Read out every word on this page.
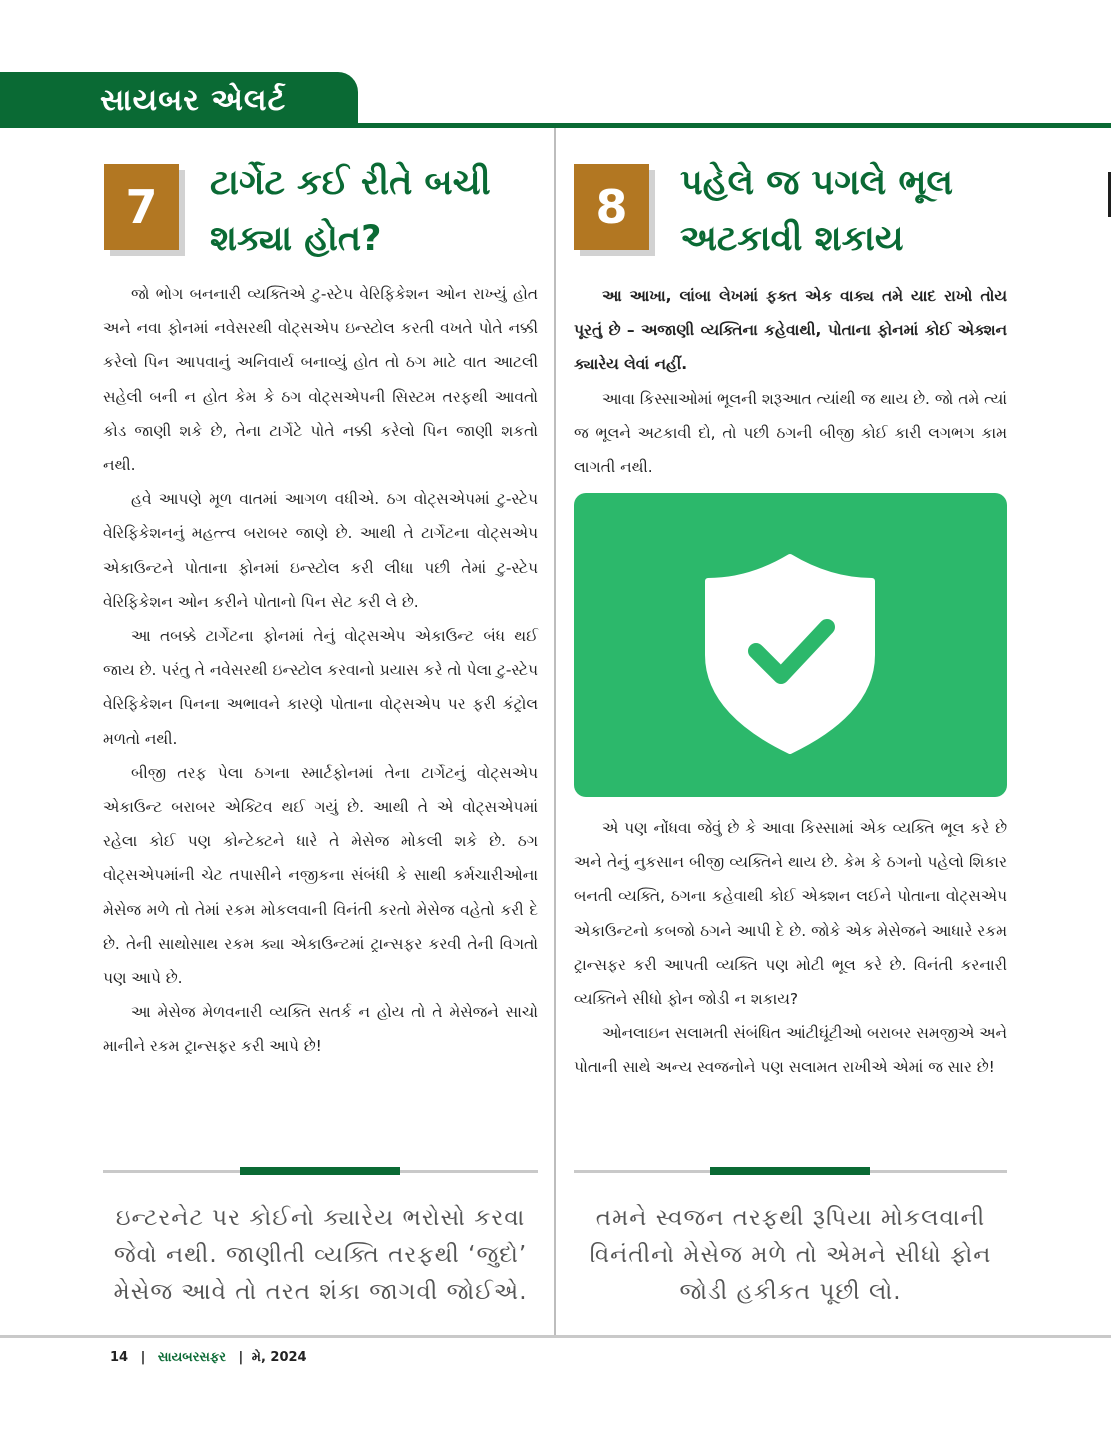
સાયબર એલર્ટ
7	ટાર્ગેટ કઈ રીતે બચી
શક્યા હોત?

જો ભોગ બનનારી વ્યક્તિએ ટુ-સ્ટેપ વેરિફિકેશન ઓન રાખ્યું હોત અને નવા ફોનમાં નવેસરથી વોટ્સએપ ઇન્સ્ટોલ કરતી વખતે પોતે નક્કી કરેલો પિન આપવાનું અનિવાર્ય બનાવ્યું હોત તો ઠગ માટે વાત આટલી સહેલી બની ન હોત કેમ કે ઠગ વોટ્સએપની સિસ્ટમ તરફથી આવતો કોડ જાણી શકે છે, તેના ટાર્ગેટે પોતે નક્કી કરેલો પિન જાણી શકતો નથી.

હવે આપણે મૂળ વાતમાં આગળ વધીએ. ઠગ વોટ્સએપમાં ટુ-સ્ટેપ વેરિફિકેશનનું મહત્ત્વ બરાબર જાણે છે. આથી તે ટાર્ગેટના વોટ્સએપ એકાઉન્ટને પોતાના ફોનમાં ઇન્સ્ટોલ કરી લીધા પછી તેમાં ટુ-સ્ટેપ વેરિફિકેશન ઓન કરીને પોતાનો પિન સેટ કરી લે છે.

આ તબક્કે ટાર્ગેટના ફોનમાં તેનું વોટ્સએપ એકાઉન્ટ બંધ થઈ જાય છે. પરંતુ તે નવેસરથી ઇન્સ્ટોલ કરવાનો પ્રયાસ કરે તો પેલા ટુ-સ્ટેપ વેરિફિકેશન પિનના અભાવને કારણે પોતાના વોટ્સએપ પર ફરી કંટ્રોલ મળતો નથી.

બીજી તરફ પેલા ઠગના સ્માર્ટફોનમાં તેના ટાર્ગેટનું વોટ્સએપ એકાઉન્ટ બરાબર એક્ટિવ થઈ ગયું છે. આથી તે એ વોટ્સએપમાં રહેલા કોઈ પણ કોન્ટેક્ટને ધારે તે મેસેજ મોકલી શકે છે. ઠગ વોટ્સએપમાંની ચેટ તપાસીને નજીકના સંબંધી કે સાથી કર્મચારીઓના મેસેજ મળે તો તેમાં રકમ મોકલવાની વિનંતી કરતો મેસેજ વહેતો કરી દે છે. તેની સાથોસાથ રકમ ક્યા એકાઉન્ટમાં ટ્રાન્સફર કરવી તેની વિગતો પણ આપે છે.

આ મેસેજ મેળવનારી વ્યક્તિ સતર્ક ન હોય તો તે મેસેજને સાચો માનીને રકમ ટ્રાન્સફર કરી આપે છે!

ઇન્ટરનેટ પર કોઈનો ક્યારેય ભરોસો કરવા જેવો નથી. જાણીતી વ્યક્તિ તરફથી ‘જુદો’ મેસેજ આવે તો તરત શંકા જાગવી જોઈએ.
8	પહેલે જ પગલે ભૂલ
અટકાવી શકાય

આ આખા, લાંબા લેખમાં ફક્ત એક વાક્ય તમે યાદ રાખો તોય પૂરતું છે – અજાણી વ્યક્તિના કહેવાથી, પોતાના ફોનમાં કોઈ એક્શન ક્યારેય લેવાં નહીં.

આવા કિસ્સાઓમાં ભૂલની શરૂઆત ત્યાંથી જ થાય છે. જો તમે ત્યાં જ ભૂલને અટકાવી દો, તો પછી ઠગની બીજી કોઈ કારી લગભગ કામ લાગતી નથી.

એ પણ નોંધવા જેવું છે કે આવા કિસ્સામાં એક વ્યક્તિ ભૂલ કરે છે અને તેનું નુકસાન બીજી વ્યક્તિને થાય છે. કેમ કે ઠગનો પહેલો શિકાર બનતી વ્યક્તિ, ઠગના કહેવાથી કોઈ એક્શન લઈને પોતાના વોટ્સએપ એકાઉન્ટનો કબજો ઠગને આપી દે છે. જોકે એક મેસેજને આધારે રકમ ટ્રાન્સફર કરી આપતી વ્યક્તિ પણ મોટી ભૂલ કરે છે. વિનંતી કરનારી વ્યક્તિને સીધો ફોન જોડી ન શકાય?

ઓનલાઇન સલામતી સંબંધિત આંટીઘૂંટીઓ બરાબર સમજીએ અને પોતાની સાથે અન્ય સ્વજનોને પણ સલામત રાખીએ એમાં જ સાર છે!

તમને સ્વજન તરફથી રૂપિયા મોકલવાની વિનંતીનો મેસેજ મળે તો એમને સીધો ફોન જોડી હકીકત પૂછી લો.
14 | સાયબરસફર | મે, 2024
